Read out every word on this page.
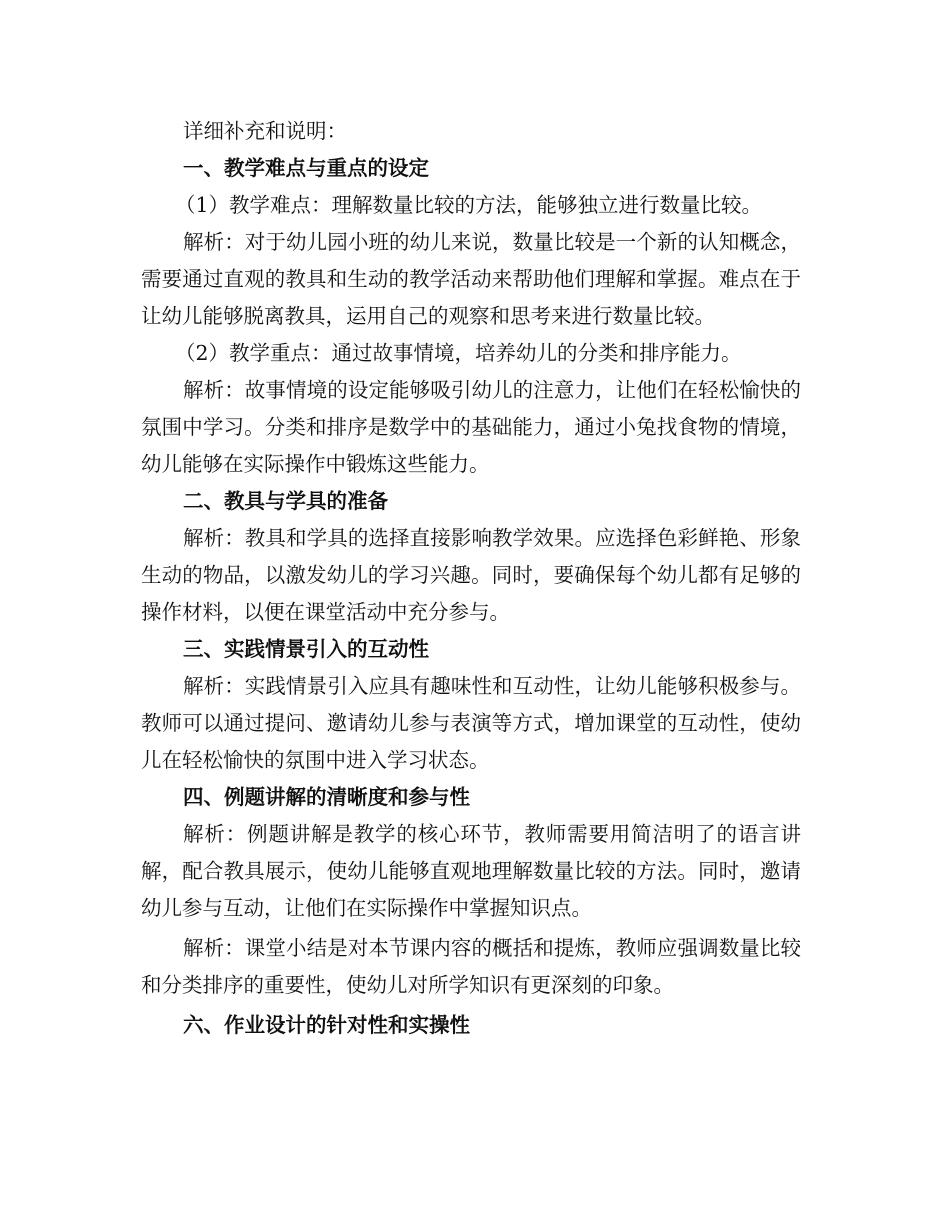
详细补充和说明：

一、教学难点与重点的设定

（1）教学难点：理解数量比较的方法，能够独立进行数量比较。

解析：对于幼儿园小班的幼儿来说，数量比较是一个新的认知概念，需要通过直观的教具和生动的教学活动来帮助他们理解和掌握。难点在于让幼儿能够脱离教具，运用自己的观察和思考来进行数量比较。

（2）教学重点：通过故事情境，培养幼儿的分类和排序能力。

解析：故事情境的设定能够吸引幼儿的注意力，让他们在轻松愉快的氛围中学习。分类和排序是数学中的基础能力，通过小兔找食物的情境，幼儿能够在实际操作中锻炼这些能力。

二、教具与学具的准备

解析：教具和学具的选择直接影响教学效果。应选择色彩鲜艳、形象生动的物品，以激发幼儿的学习兴趣。同时，要确保每个幼儿都有足够的操作材料，以便在课堂活动中充分参与。

三、实践情景引入的互动性

解析：实践情景引入应具有趣味性和互动性，让幼儿能够积极参与。教师可以通过提问、邀请幼儿参与表演等方式，增加课堂的互动性，使幼儿在轻松愉快的氛围中进入学习状态。

四、例题讲解的清晰度和参与性

解析：例题讲解是教学的核心环节，教师需要用简洁明了的语言讲解，配合教具展示，使幼儿能够直观地理解数量比较的方法。同时，邀请幼儿参与互动，让他们在实际操作中掌握知识点。

解析：课堂小结是对本节课内容的概括和提炼，教师应强调数量比较和分类排序的重要性，使幼儿对所学知识有更深刻的印象。

六、作业设计的针对性和实操性
